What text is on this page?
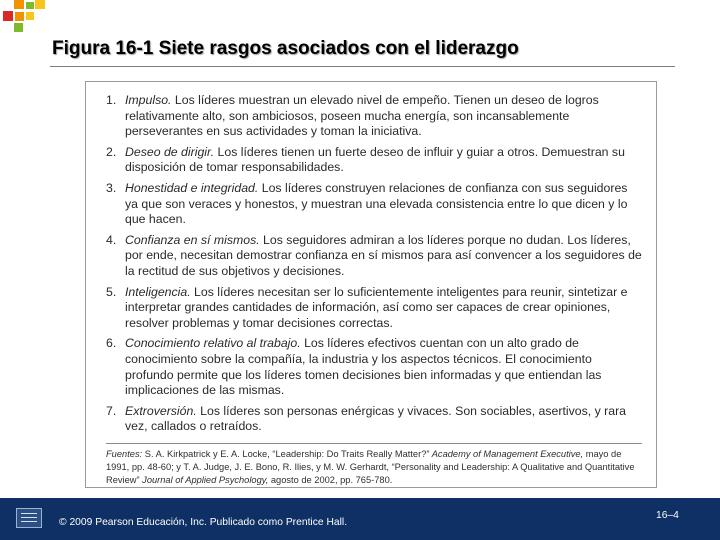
Figura 16-1 Siete rasgos asociados con el liderazgo
1. Impulso. Los líderes muestran un elevado nivel de empeño. Tienen un deseo de logros relativamente alto, son ambiciosos, poseen mucha energía, son incansablemente perseverantes en sus actividades y toman la iniciativa.
2. Deseo de dirigir. Los líderes tienen un fuerte deseo de influir y guiar a otros. Demuestran su disposición de tomar responsabilidades.
3. Honestidad e integridad. Los líderes construyen relaciones de confianza con sus seguidores ya que son veraces y honestos, y muestran una elevada consistencia entre lo que dicen y lo que hacen.
4. Confianza en sí mismos. Los seguidores admiran a los líderes porque no dudan. Los líderes, por ende, necesitan demostrar confianza en sí mismos para así convencer a los seguidores de la rectitud de sus objetivos y decisiones.
5. Inteligencia. Los líderes necesitan ser lo suficientemente inteligentes para reunir, sintetizar e interpretar grandes cantidades de información, así como ser capaces de crear opiniones, resolver problemas y tomar decisiones correctas.
6. Conocimiento relativo al trabajo. Los líderes efectivos cuentan con un alto grado de conocimiento sobre la compañía, la industria y los aspectos técnicos. El conocimiento profundo permite que los líderes tomen decisiones bien informadas y que entiendan las implicaciones de las mismas.
7. Extroversión. Los líderes son personas enérgicas y vivaces. Son sociables, asertivos, y rara vez, callados o retraídos.

Fuentes: S. A. Kirkpatrick y E. A. Locke, “Leadership: Do Traits Really Matter?” Academy of Management Executive, mayo de 1991, pp. 48-60; y T. A. Judge, J. E. Bono, R. Ilies, y M. W. Gerhardt, “Personality and Leadership: A Qualitative and Quantitative Review” Journal of Applied Psychology, agosto de 2002, pp. 765-780.

© 2009 Pearson Educación, Inc. Publicado como Prentice Hall.
16–4
